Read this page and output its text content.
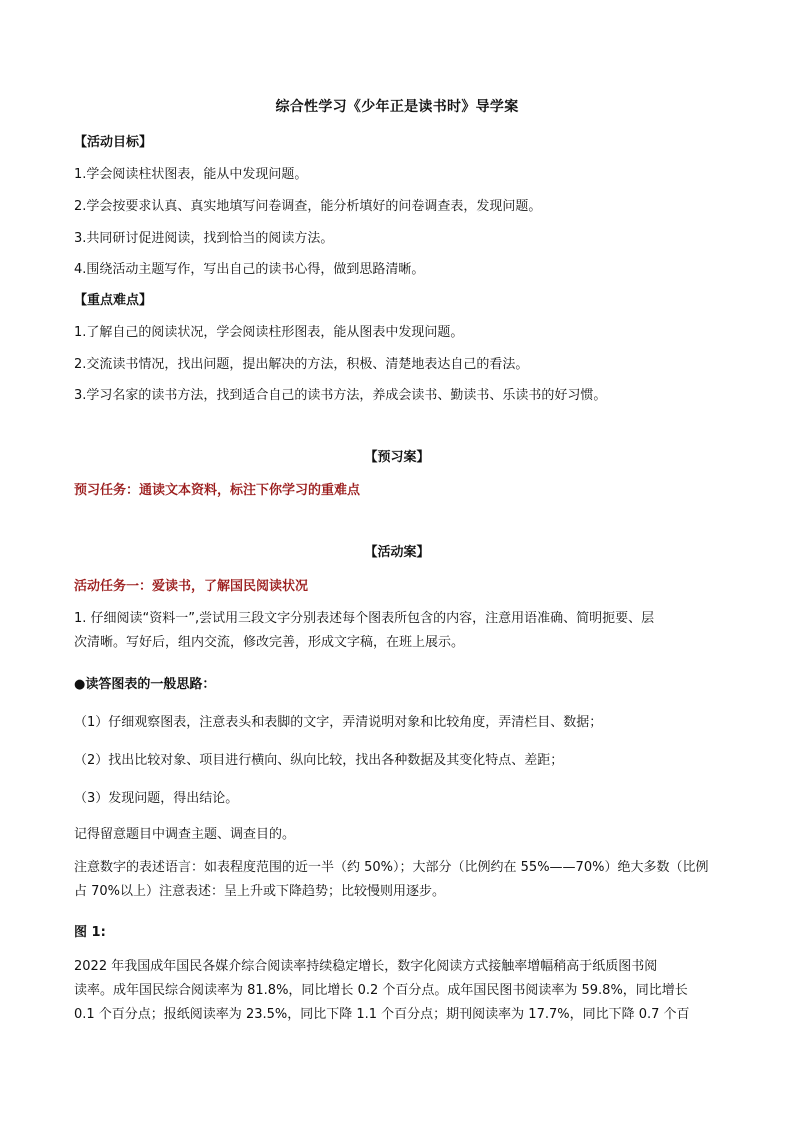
综合性学习《少年正是读书时》导学案
【活动目标】
1.学会阅读柱状图表，能从中发现问题。
2.学会按要求认真、真实地填写问卷调查，能分析填好的问卷调查表，发现问题。
3.共同研讨促进阅读，找到恰当的阅读方法。
4.围绕活动主题写作，写出自己的读书心得，做到思路清晰。
【重点难点】
1.了解自己的阅读状况，学会阅读柱形图表，能从图表中发现问题。
2.交流读书情况，找出问题，提出解决的方法，积极、清楚地表达自己的看法。
3.学习名家的读书方法，找到适合自己的读书方法，养成会读书、勤读书、乐读书的好习惯。
【预习案】
预习任务：通读文本资料，标注下你学习的重难点
【活动案】
活动任务一：爱读书，了解国民阅读状况
1. 仔细阅读“资料一”,尝试用三段文字分别表述每个图表所包含的内容，注意用语准确、简明扼要、层
次清晰。写好后，组内交流，修改完善，形成文字稿，在班上展示。
●读答图表的一般思路：
（1）仔细观察图表，注意表头和表脚的文字，弄清说明对象和比较角度，弄清栏目、数据；
（2）找出比较对象、项目进行横向、纵向比较，找出各种数据及其变化特点、差距；
（3）发现问题，得出结论。
记得留意题目中调查主题、调查目的。
注意数字的表述语言：如表程度范围的近一半（约 50%）；大部分（比例约在 55%——70%）绝大多数（比例
占 70%以上）注意表述：呈上升或下降趋势；比较慢则用逐步。
图 1:
2022 年我国成年国民各媒介综合阅读率持续稳定增长，数字化阅读方式接触率增幅稍高于纸质图书阅
读率。成年国民综合阅读率为 81.8%，同比增长 0.2 个百分点。成年国民图书阅读率为 59.8%，同比增长
0.1 个百分点；报纸阅读率为 23.5%，同比下降 1.1 个百分点；期刊阅读率为 17.7%，同比下降 0.7 个百
